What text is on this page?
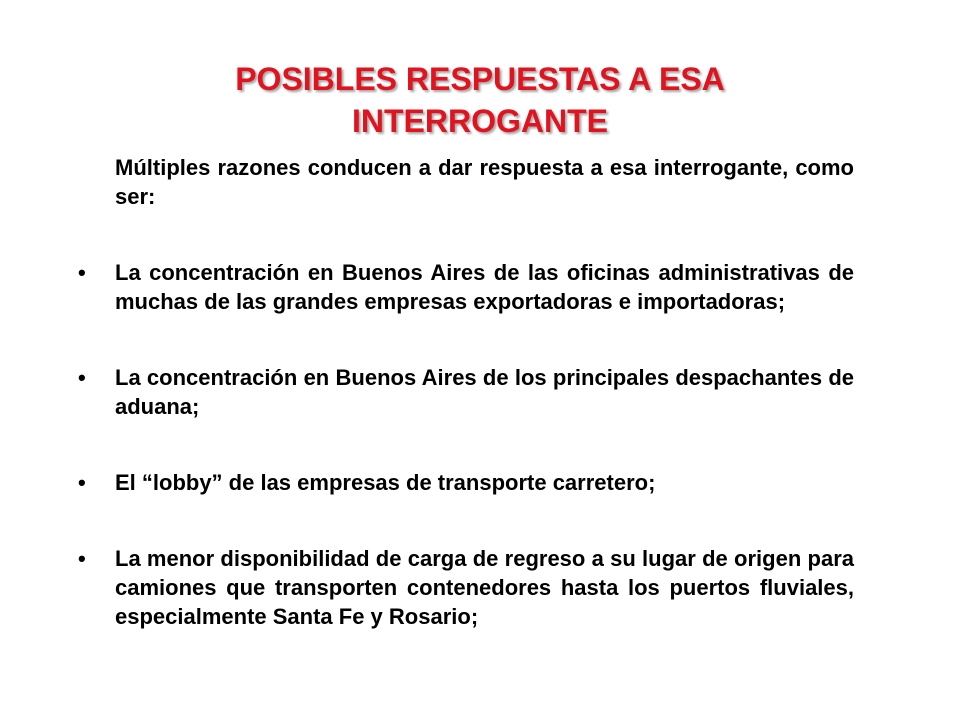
POSIBLES RESPUESTAS A ESA
INTERROGANTE
Múltiples razones conducen a dar respuesta a esa interrogante, como ser:
• La concentración en Buenos Aires de las oficinas administrativas de muchas de las grandes empresas exportadoras e importadoras;
• La concentración en Buenos Aires de los principales despachantes de aduana;
• El “lobby” de las empresas de transporte carretero;
• La menor disponibilidad de carga de regreso a su lugar de origen para camiones que transporten contenedores hasta los puertos fluviales, especialmente Santa Fe y Rosario;
